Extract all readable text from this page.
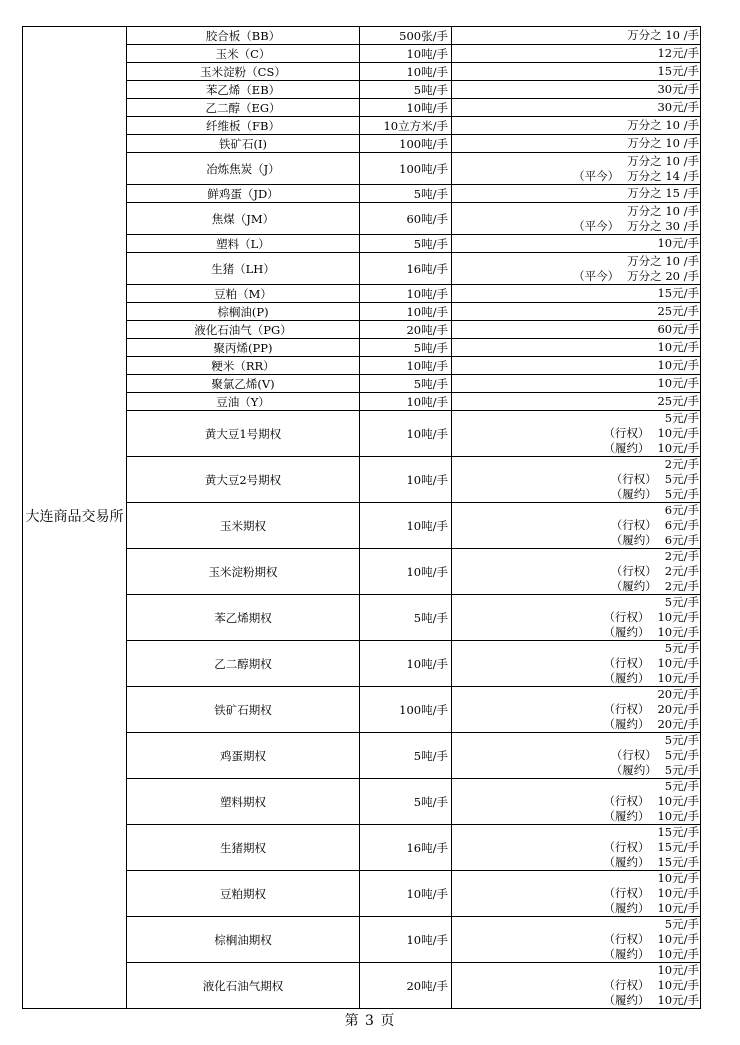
大连商品交易所	胶合板（BB）	500张/手	万分之 10 /手

	玉米（C）	10吨/手	12元/手

	玉米淀粉（CS）	10吨/手	15元/手

	苯乙烯（EB）	5吨/手	30元/手

	乙二醇（EG）	10吨/手	30元/手

	纤维板（FB）	10立方米/手	万分之 10 /手

	铁矿石(I)	100吨/手	万分之 10 /手

	冶炼焦炭（J）	100吨/手	万分之 10 /手
（平今） 万分之 14 /手

	鲜鸡蛋（JD）	5吨/手	万分之 15 /手

	焦煤（JM）	60吨/手	万分之 10 /手
（平今） 万分之 30 /手

	塑料（L）	5吨/手	10元/手

	生猪（LH）	16吨/手	万分之 10 /手
（平今） 万分之 20 /手

	豆粕（M）	10吨/手	15元/手

	棕榈油(P)	10吨/手	25元/手

	液化石油气（PG）	20吨/手	60元/手

	聚丙烯(PP)	5吨/手	10元/手

	粳米（RR）	10吨/手	10元/手

	聚氯乙烯(V)	5吨/手	10元/手

	豆油（Y）	10吨/手	25元/手

	黄大豆1号期权	10吨/手	5元/手
（行权） 10元/手
（履约） 10元/手

	黄大豆2号期权	10吨/手	2元/手
（行权） 5元/手
（履约） 5元/手

	玉米期权	10吨/手	6元/手
（行权） 6元/手
（履约） 6元/手

	玉米淀粉期权	10吨/手	2元/手
（行权） 2元/手
（履约） 2元/手

	苯乙烯期权	5吨/手	5元/手
（行权） 10元/手
（履约） 10元/手

	乙二醇期权	10吨/手	5元/手
（行权） 10元/手
（履约） 10元/手

	铁矿石期权	100吨/手	20元/手
（行权） 20元/手
（履约） 20元/手

	鸡蛋期权	5吨/手	5元/手
（行权） 5元/手
（履约） 5元/手

	塑料期权	5吨/手	5元/手
（行权） 10元/手
（履约） 10元/手

	生猪期权	16吨/手	15元/手
（行权） 15元/手
（履约） 15元/手

	豆粕期权	10吨/手	10元/手
（行权） 10元/手
（履约） 10元/手

	棕榈油期权	10吨/手	5元/手
（行权） 10元/手
（履约） 10元/手

	液化石油气期权	20吨/手	10元/手
（行权） 10元/手
（履约） 10元/手
第 3 页
